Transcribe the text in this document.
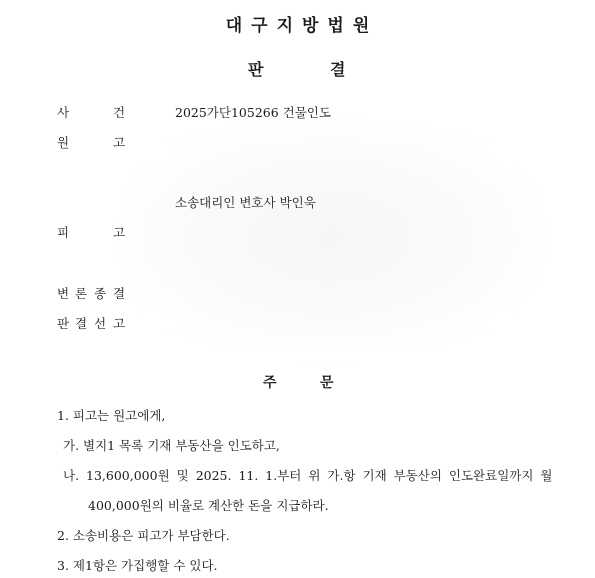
대구지방법원
판	결
사	건	2025가단105266 건물인도
원	고
소송대리인 변호사 박인욱
피	고
변 론 종 결
판 결 선 고
주	문
1. 피고는 원고에게,
가. 별지1 목록 기재 부동산을 인도하고,
나. 13,600,000원 및 2025. 11. 1.부터 위 가.항 기재 부동산의 인도완료일까지 월
400,000원의 비율로 계산한 돈을 지급하라.
2. 소송비용은 피고가 부담한다.
3. 제1항은 가집행할 수 있다.
